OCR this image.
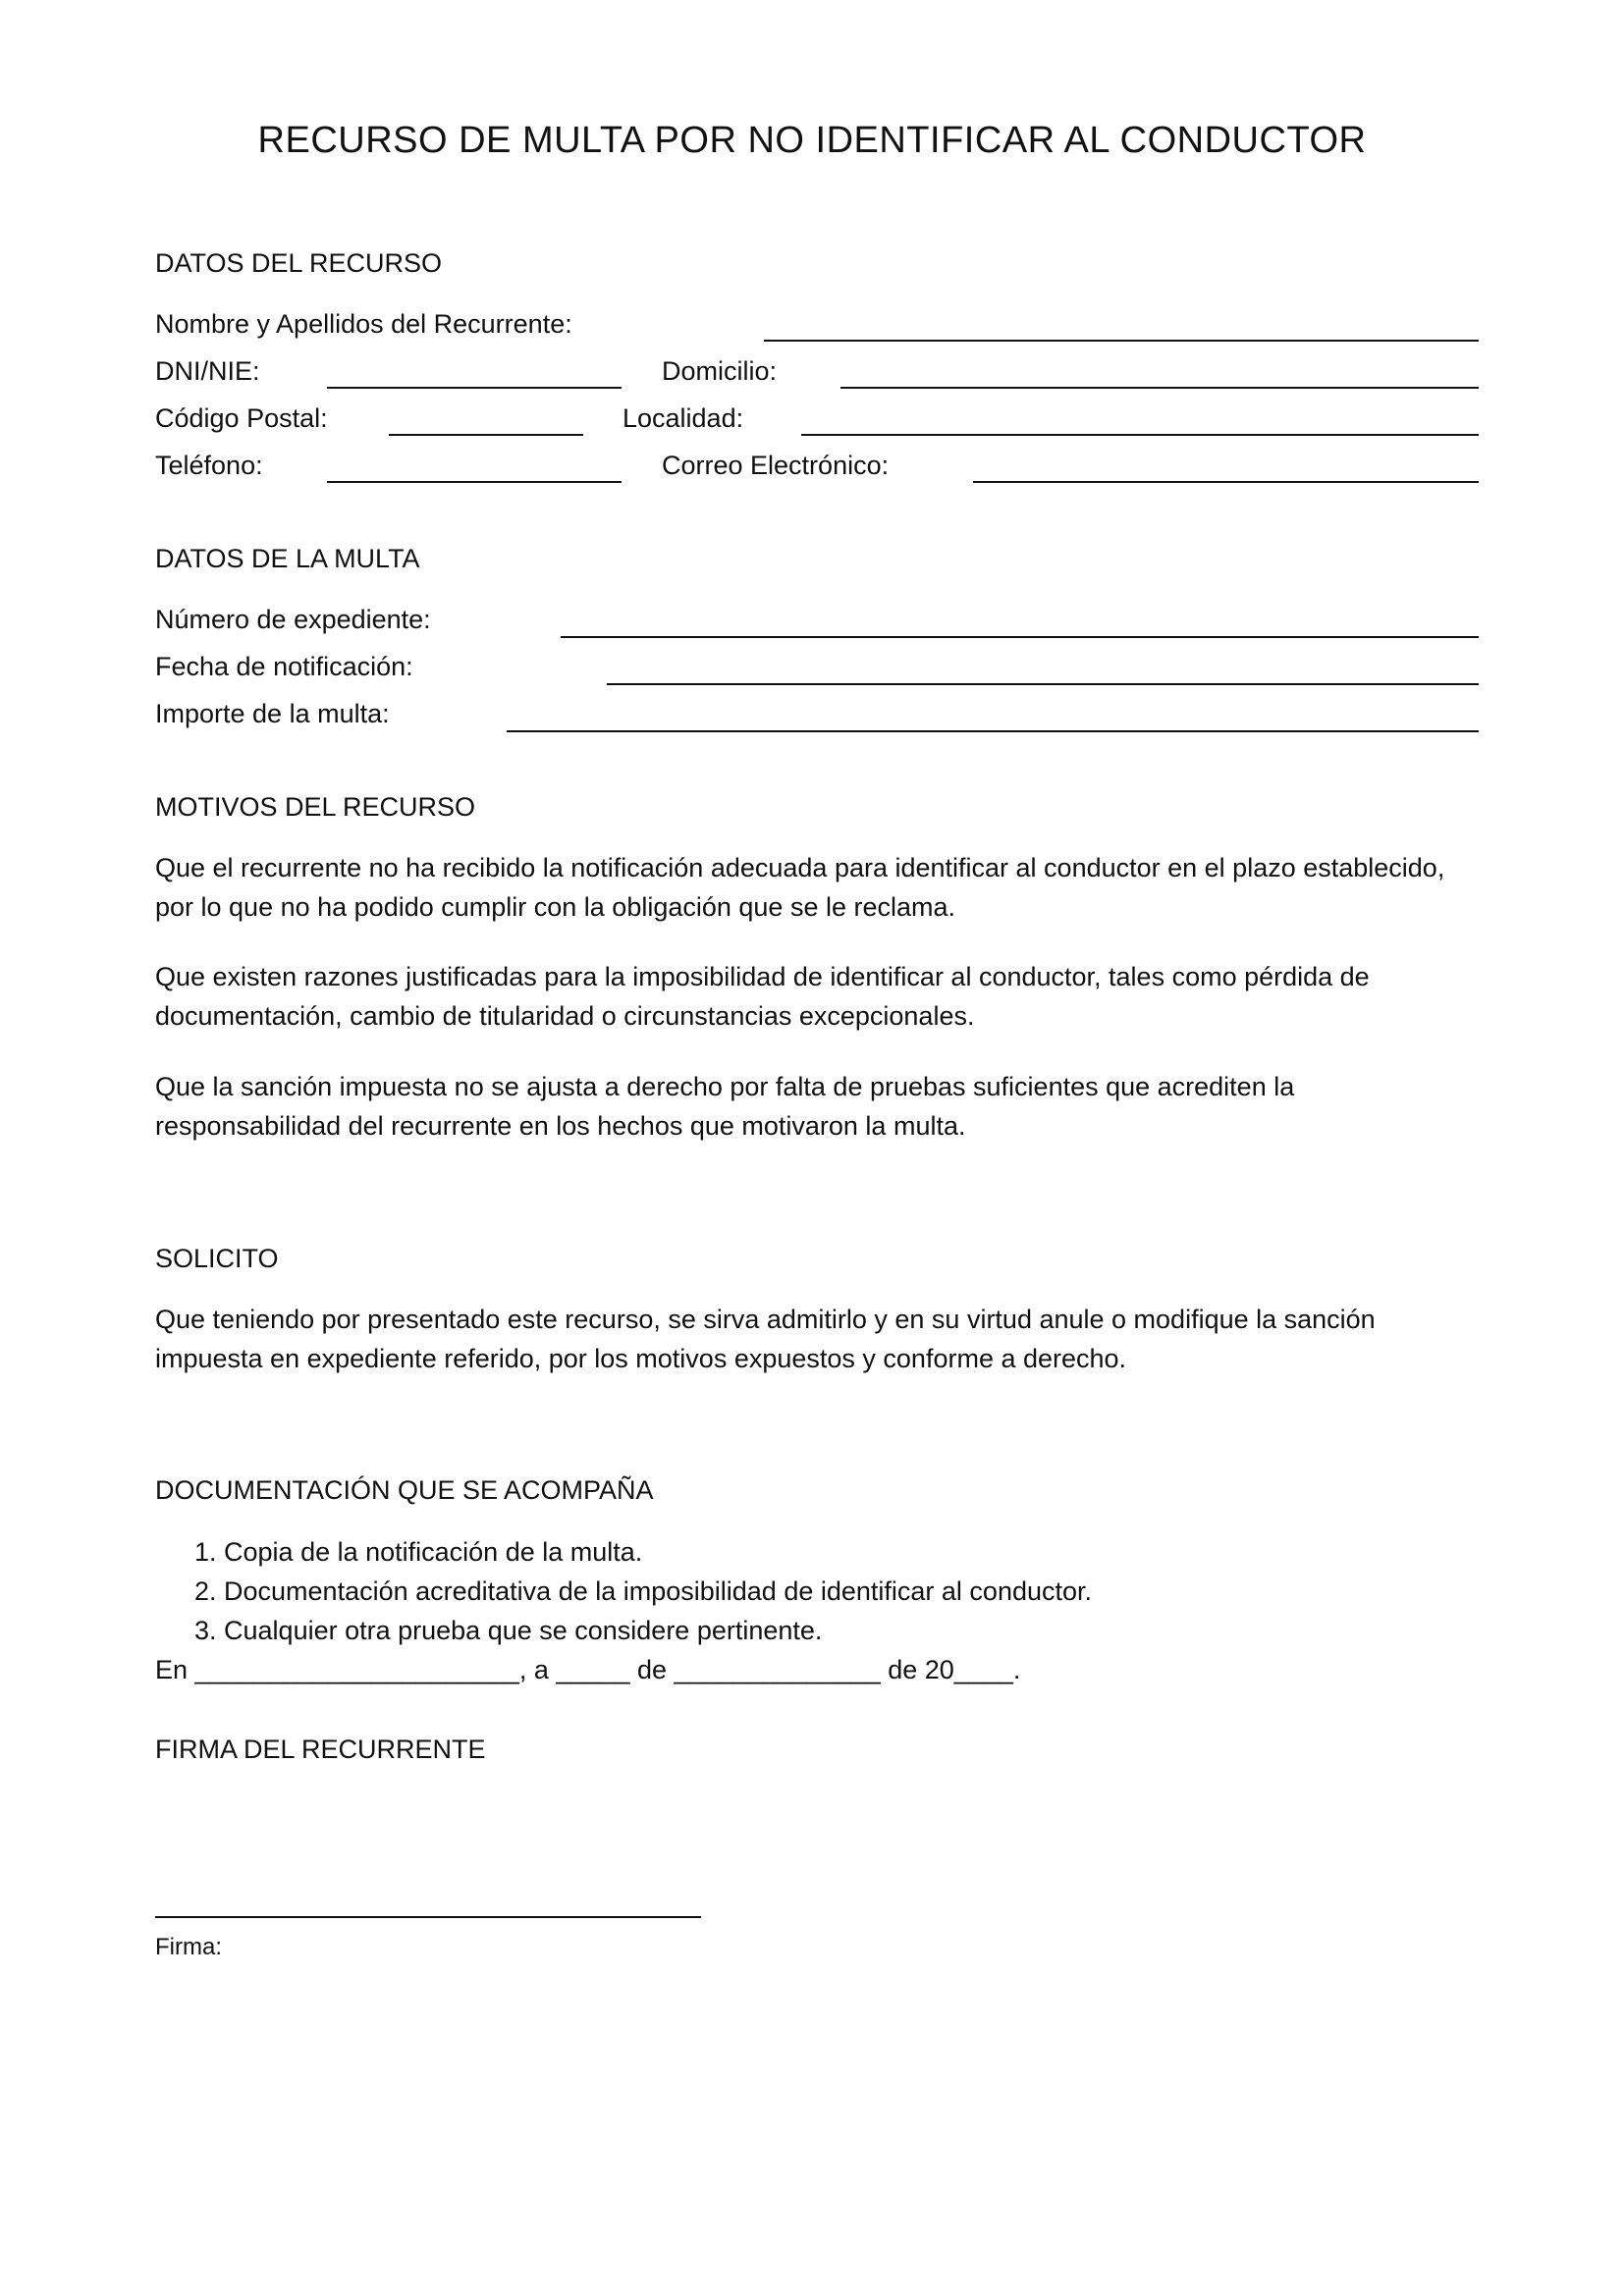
RECURSO DE MULTA POR NO IDENTIFICAR AL CONDUCTOR
DATOS DEL RECURSO
Nombre y Apellidos del Recurrente:
DNI/NIE:	Domicilio:
Código Postal:	Localidad:
Teléfono:	Correo Electrónico:
DATOS DE LA MULTA
Número de expediente:
Fecha de notificación:
Importe de la multa:
MOTIVOS DEL RECURSO
Que el recurrente no ha recibido la notificación adecuada para identificar al conductor en el plazo establecido, por lo que no ha podido cumplir con la obligación que se le reclama.
Que existen razones justificadas para la imposibilidad de identificar al conductor, tales como pérdida de documentación, cambio de titularidad o circunstancias excepcionales.
Que la sanción impuesta no se ajusta a derecho por falta de pruebas suficientes que acrediten la responsabilidad del recurrente en los hechos que motivaron la multa.
SOLICITO
Que teniendo por presentado este recurso, se sirva admitirlo y en su virtud anule o modifique la sanción impuesta en expediente referido, por los motivos expuestos y conforme a derecho.
DOCUMENTACIÓN QUE SE ACOMPAÑA
1. Copia de la notificación de la multa.
2. Documentación acreditativa de la imposibilidad de identificar al conductor.
3. Cualquier otra prueba que se considere pertinente.
En ______________________, a _____ de ______________ de 20____.
FIRMA DEL RECURRENTE
Firma:
